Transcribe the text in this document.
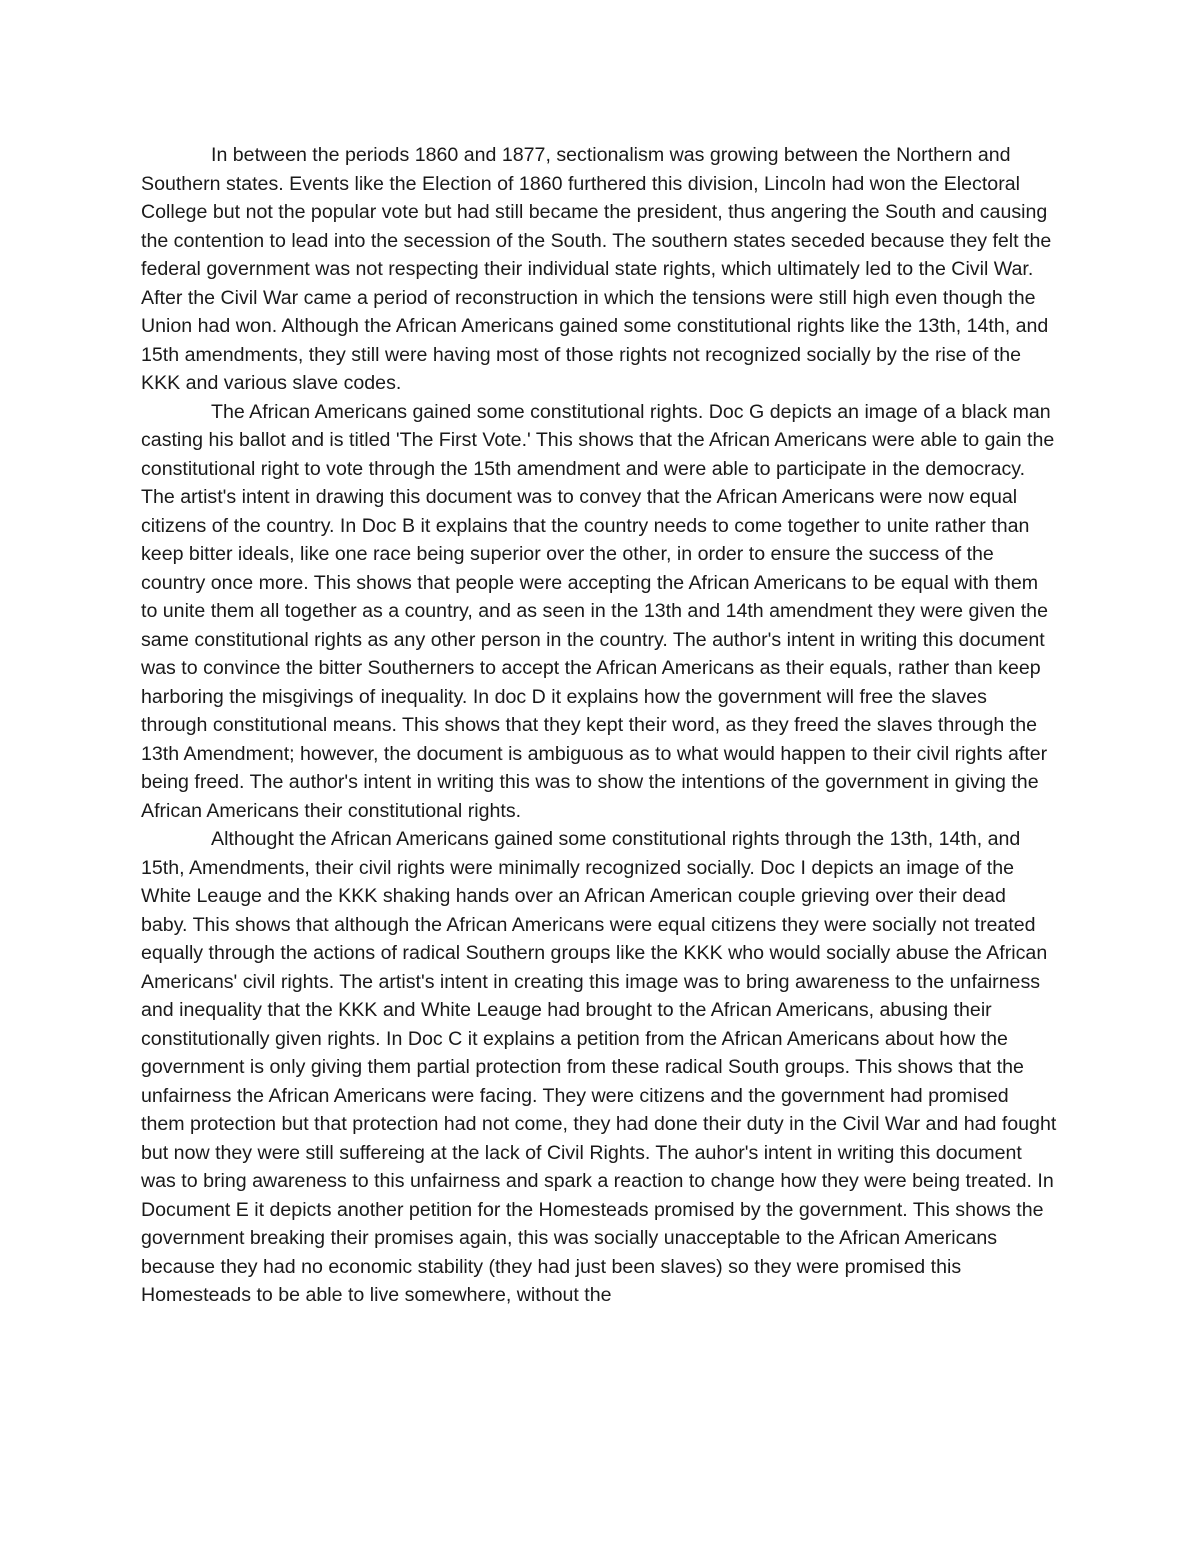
In between the periods 1860 and 1877, sectionalism was growing between the Northern and Southern states. Events like the Election of 1860 furthered this division, Lincoln had won the Electoral College but not the popular vote but had still became the president, thus angering the South and causing the contention to lead into the secession of the South. The southern states seceded because they felt the federal government was not respecting their individual state rights, which ultimately led to the Civil War. After the Civil War came a period of reconstruction in which the tensions were still high even though the Union had won. Although the African Americans gained some constitutional rights like the 13th, 14th, and 15th amendments, they still were having most of those rights not recognized socially by the rise of the KKK and various slave codes.

The African Americans gained some constitutional rights. Doc G depicts an image of a black man casting his ballot and is titled 'The First Vote.' This shows that the African Americans were able to gain the constitutional right to vote through the 15th amendment and were able to participate in the democracy. The artist's intent in drawing this document was to convey that the African Americans were now equal citizens of the country. In Doc B it explains that the country needs to come together to unite rather than keep bitter ideals, like one race being superior over the other, in order to ensure the success of the country once more. This shows that people were accepting the African Americans to be equal with them to unite them all together as a country, and as seen in the 13th and 14th amendment they were given the same constitutional rights as any other person in the country. The author's intent in writing this document was to convince the bitter Southerners to accept the African Americans as their equals, rather than keep harboring the misgivings of inequality. In doc D it explains how the government will free the slaves through constitutional means. This shows that they kept their word, as they freed the slaves through the 13th Amendment; however, the document is ambiguous as to what would happen to their civil rights after being freed. The author's intent in writing this was to show the intentions of the government in giving the African Americans their constitutional rights.

Althought the African Americans gained some constitutional rights through the 13th, 14th, and 15th, Amendments, their civil rights were minimally recognized socially. Doc I depicts an image of the White Leauge and the KKK shaking hands over an African American couple grieving over their dead baby. This shows that although the African Americans were equal citizens they were socially not treated equally through the actions of radical Southern groups like the KKK who would socially abuse the African Americans' civil rights. The artist's intent in creating this image was to bring awareness to the unfairness and inequality that the KKK and White Leauge had brought to the African Americans, abusing their constitutionally given rights. In Doc C it explains a petition from the African Americans about how the government is only giving them partial protection from these radical South groups. This shows that the unfairness the African Americans were facing. They were citizens and the government had promised them protection but that protection had not come, they had done their duty in the Civil War and had fought but now they were still suffereing at the lack of Civil Rights. The auhor's intent in writing this document was to bring awareness to this unfairness and spark a reaction to change how they were being treated. In Document E it depicts another petition for the Homesteads promised by the government. This shows the government breaking their promises again, this was socially unacceptable to the African Americans because they had no economic stability (they had just been slaves) so they were promised this Homesteads to be able to live somewhere, without the
